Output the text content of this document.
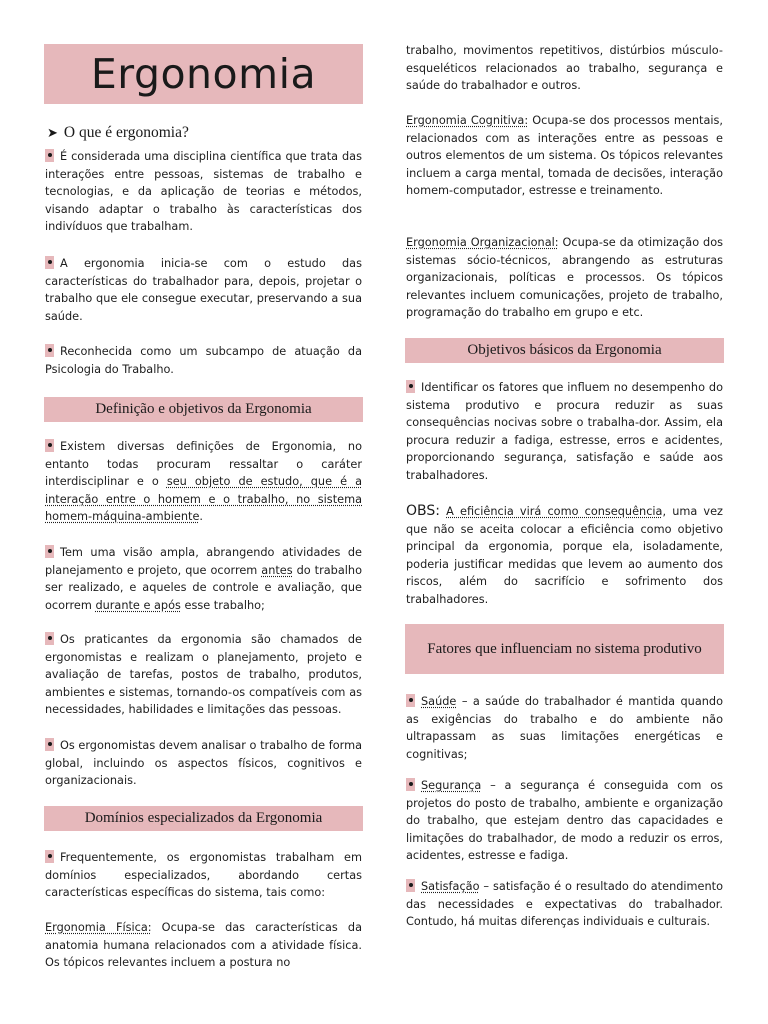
Ergonomia
➤ O que é ergonomia?

É considerada uma disciplina científica que trata das interações entre pessoas, sistemas de trabalho e tecnologias, e da aplicação de teorias e métodos, visando adaptar o trabalho às características dos indivíduos que trabalham.

A ergonomia inicia-se com o estudo das características do trabalhador para, depois, projetar o trabalho que ele consegue executar, preservando a sua saúde.

Reconhecida como um subcampo de atuação da Psicologia do Trabalho.

Definição e objetivos da Ergonomia

Existem diversas definições de Ergonomia, no entanto todas procuram ressaltar o caráter interdisciplinar e o seu objeto de estudo, que é a interação entre o homem e o trabalho, no sistema homem-máquina-ambiente.

Tem uma visão ampla, abrangendo atividades de planejamento e projeto, que ocorrem antes do trabalho ser realizado, e aqueles de controle e avaliação, que ocorrem durante e após esse trabalho;

Os praticantes da ergonomia são chamados de ergonomistas e realizam o planejamento, projeto e avaliação de tarefas, postos de trabalho, produtos, ambientes e sistemas, tornando-os compatíveis com as necessidades, habilidades e limitações das pessoas.

Os ergonomistas devem analisar o trabalho de forma global, incluindo os aspectos físicos, cognitivos e organizacionais.

Domínios especializados da Ergonomia

Frequentemente, os ergonomistas trabalham em domínios especializados, abordando certas características específicas do sistema, tais como:

Ergonomia Física: Ocupa-se das características da anatomia humana relacionados com a atividade física. Os tópicos relevantes incluem a postura no

trabalho, movimentos repetitivos, distúrbios músculo-esqueléticos relacionados ao trabalho, segurança e saúde do trabalhador e outros.

Ergonomia Cognitiva: Ocupa-se dos processos mentais, relacionados com as interações entre as pessoas e outros elementos de um sistema. Os tópicos relevantes incluem a carga mental, tomada de decisões, interação homem-computador, estresse e treinamento.

Ergonomia Organizacional: Ocupa-se da otimização dos sistemas sócio-técnicos, abrangendo as estruturas organizacionais, políticas e processos. Os tópicos relevantes incluem comunicações, projeto de trabalho, programação do trabalho em grupo e etc.

Objetivos básicos da Ergonomia

Identificar os fatores que influem no desempenho do sistema produtivo e procura reduzir as suas consequências nocivas sobre o trabalha-dor. Assim, ela procura reduzir a fadiga, estresse, erros e acidentes, proporcionando segurança, satisfação e saúde aos trabalhadores.

OBS: A eficiência virá como consequência, uma vez que não se aceita colocar a eficiência como objetivo principal da ergonomia, porque ela, isoladamente, poderia justificar medidas que levem ao aumento dos riscos, além do sacrifício e sofrimento dos trabalhadores.

Fatores que influenciam no sistema produtivo

Saúde – a saúde do trabalhador é mantida quando as exigências do trabalho e do ambiente não ultrapassam as suas limitações energéticas e cognitivas;

Segurança – a segurança é conseguida com os projetos do posto de trabalho, ambiente e organização do trabalho, que estejam dentro das capacidades e limitações do trabalhador, de modo a reduzir os erros, acidentes, estresse e fadiga.

Satisfação – satisfação é o resultado do atendimento das necessidades e expectativas do trabalhador. Contudo, há muitas diferenças individuais e culturais.
